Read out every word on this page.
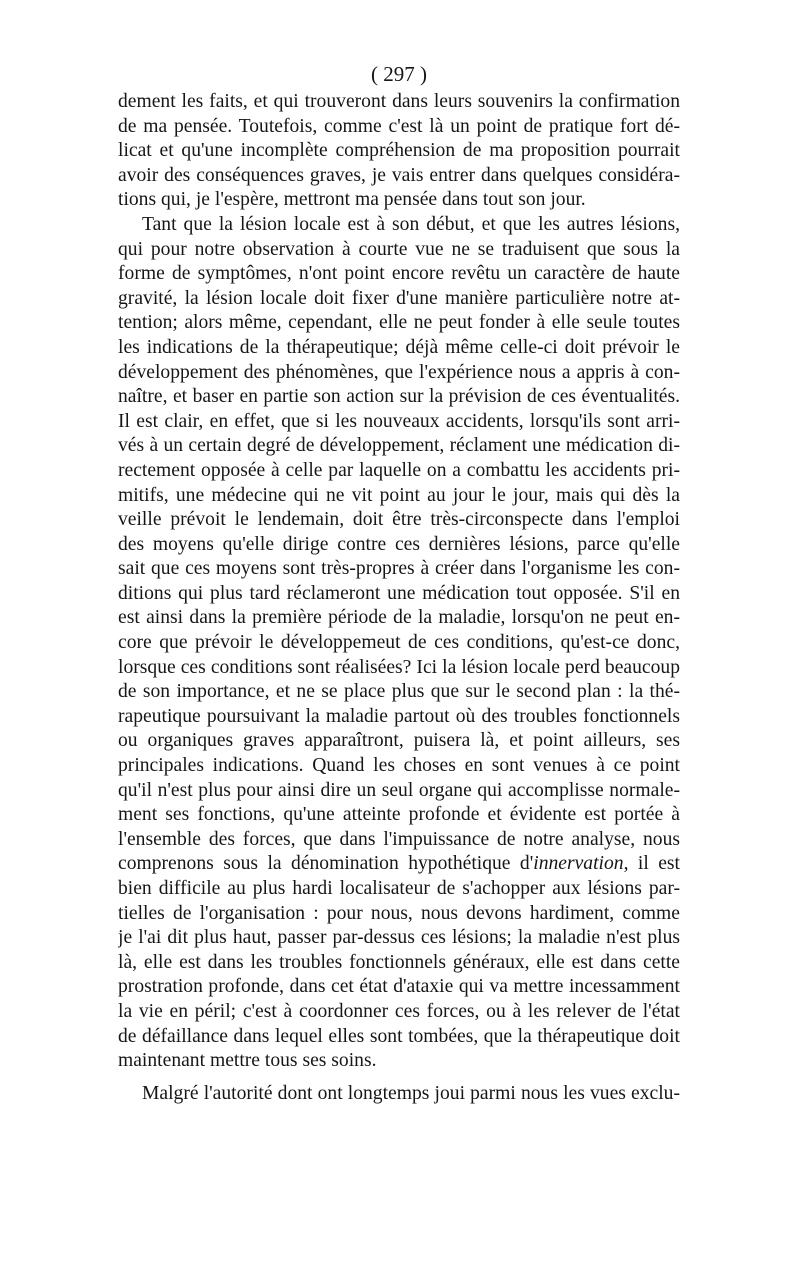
( 297 )
dement les faits, et qui trouveront dans leurs souvenirs la confirmation
de ma pensée. Toutefois, comme c'est là un point de pratique fort dé-
licat et qu'une incomplète compréhension de ma proposition pourrait
avoir des conséquences graves, je vais entrer dans quelques considéra-
tions qui, je l'espère, mettront ma pensée dans tout son jour.
Tant que la lésion locale est à son début, et que les autres lésions,
qui pour notre observation à courte vue ne se traduisent que sous la
forme de symptômes, n'ont point encore revêtu un caractère de haute
gravité, la lésion locale doit fixer d'une manière particulière notre at-
tention; alors même, cependant, elle ne peut fonder à elle seule toutes
les indications de la thérapeutique; déjà même celle-ci doit prévoir le
développement des phénomènes, que l'expérience nous a appris à con-
naître, et baser en partie son action sur la prévision de ces éventualités.
Il est clair, en effet, que si les nouveaux accidents, lorsqu'ils sont arri-
vés à un certain degré de développement, réclament une médication di-
rectement opposée à celle par laquelle on a combattu les accidents pri-
mitifs, une médecine qui ne vit point au jour le jour, mais qui dès la
veille prévoit le lendemain, doit être très-circonspecte dans l'emploi
des moyens qu'elle dirige contre ces dernières lésions, parce qu'elle
sait que ces moyens sont très-propres à créer dans l'organisme les con-
ditions qui plus tard réclameront une médication tout opposée. S'il en
est ainsi dans la première période de la maladie, lorsqu'on ne peut en-
core que prévoir le développemeut de ces conditions, qu'est-ce donc,
lorsque ces conditions sont réalisées? Ici la lésion locale perd beaucoup
de son importance, et ne se place plus que sur le second plan : la thé-
rapeutique poursuivant la maladie partout où des troubles fonctionnels
ou organiques graves apparaîtront, puisera là, et point ailleurs, ses
principales indications. Quand les choses en sont venues à ce point
qu'il n'est plus pour ainsi dire un seul organe qui accomplisse normale-
ment ses fonctions, qu'une atteinte profonde et évidente est portée à
l'ensemble des forces, que dans l'impuissance de notre analyse, nous
comprenons sous la dénomination hypothétique d'innervation, il est
bien difficile au plus hardi localisateur de s'achopper aux lésions par-
tielles de l'organisation : pour nous, nous devons hardiment, comme
je l'ai dit plus haut, passer par-dessus ces lésions; la maladie n'est plus
là, elle est dans les troubles fonctionnels généraux, elle est dans cette
prostration profonde, dans cet état d'ataxie qui va mettre incessamment
la vie en péril; c'est à coordonner ces forces, ou à les relever de l'état
de défaillance dans lequel elles sont tombées, que la thérapeutique doit
maintenant mettre tous ses soins.
Malgré l'autorité dont ont longtemps joui parmi nous les vues exclu-
